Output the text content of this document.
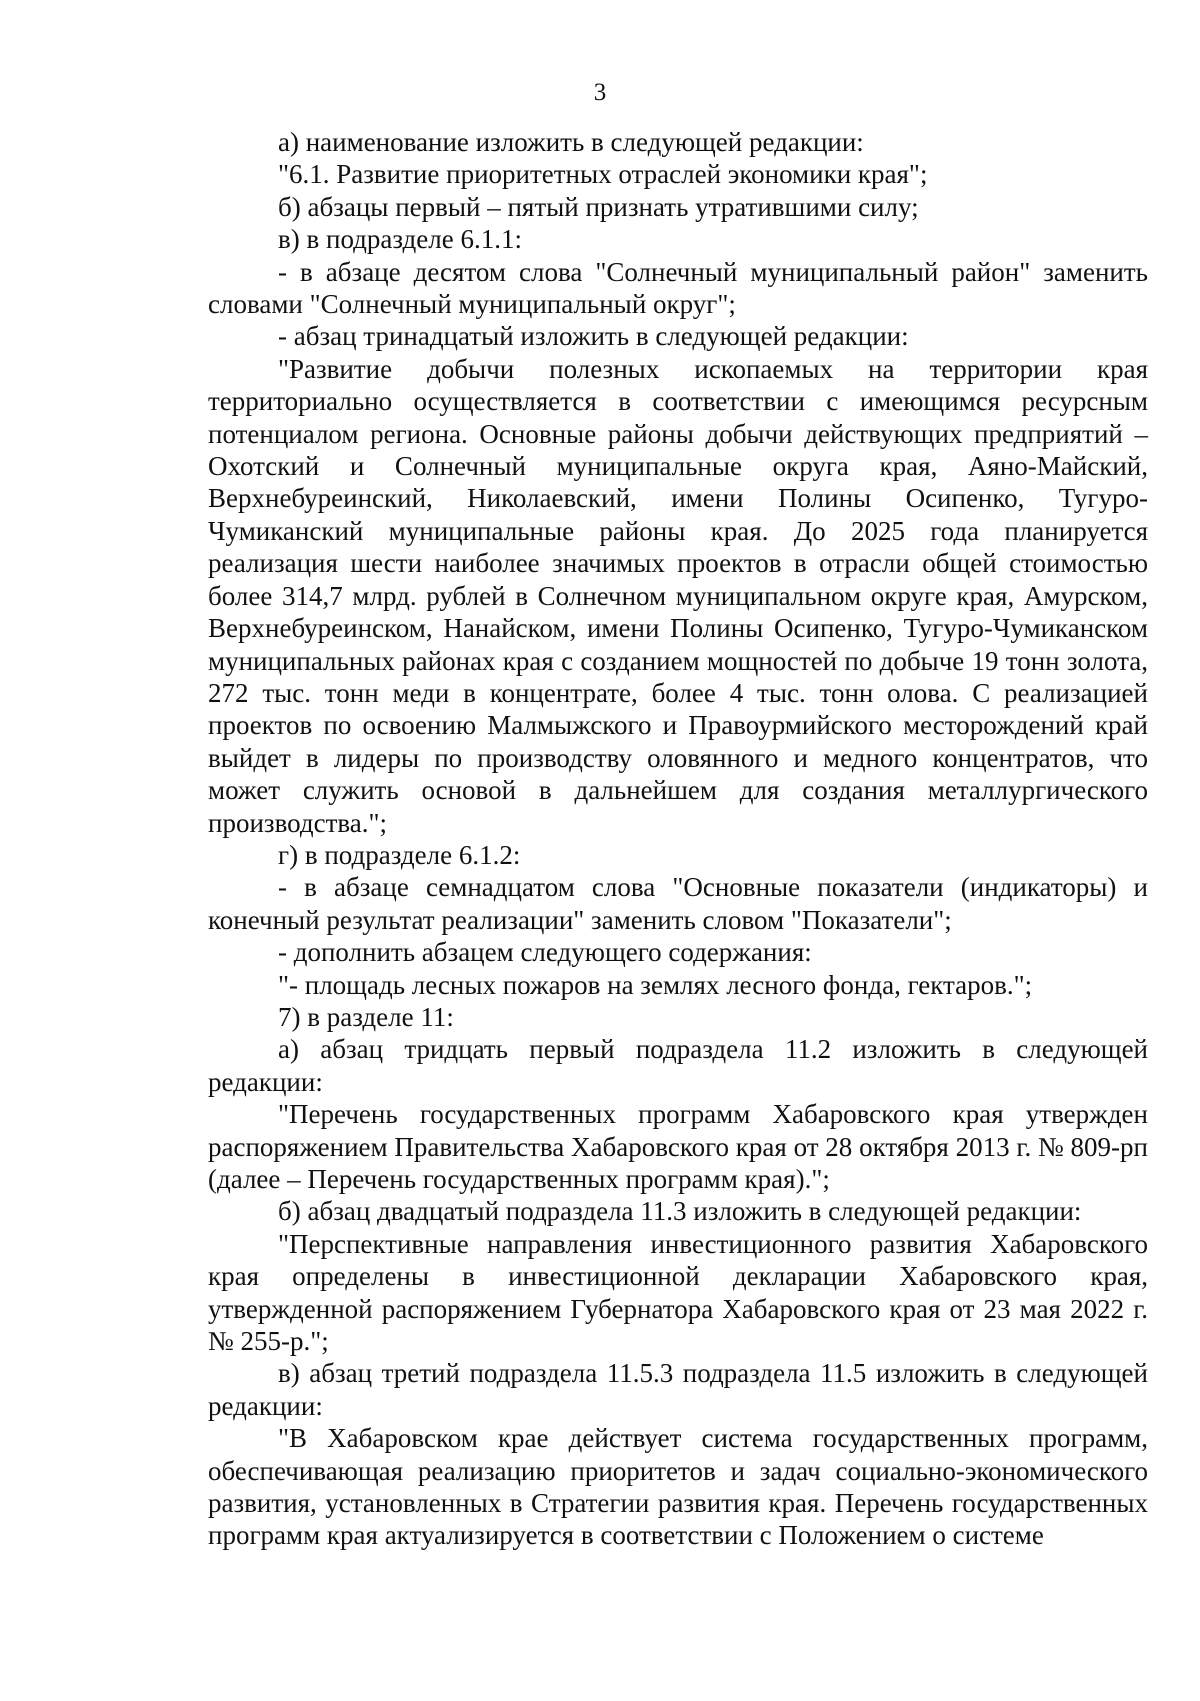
3

а) наименование изложить в следующей редакции:

"6.1. Развитие приоритетных отраслей экономики края";

б) абзацы первый – пятый признать утратившими силу;

в) в подразделе 6.1.1:

- в абзаце десятом слова "Солнечный муниципальный район" заменить словами "Солнечный муниципальный округ";

- абзац тринадцатый изложить в следующей редакции:

"Развитие добычи полезных ископаемых на территории края территориально осуществляется в соответствии с имеющимся ресурсным потенциалом региона. Основные районы добычи действующих предприятий – Охотский и Солнечный муниципальные округа края, Аяно-Майский, Верхнебуреинский, Николаевский, имени Полины Осипенко, Тугуро-Чумиканский муниципальные районы края. До 2025 года планируется реализация шести наиболее значимых проектов в отрасли общей стоимостью более 314,7 млрд. рублей в Солнечном муниципальном округе края, Амурском, Верхнебуреинском, Нанайском, имени Полины Осипенко, Тугуро-Чумиканском муниципальных районах края с созданием мощностей по добыче 19 тонн золота, 272 тыс. тонн меди в концентрате, более 4 тыс. тонн олова. С реализацией проектов по освоению Малмыжского и Правоурмийского месторождений край выйдет в лидеры по производству оловянного и медного концентратов, что может служить основой в дальнейшем для создания металлургического производства.";

г) в подразделе 6.1.2:

- в абзаце семнадцатом слова "Основные показатели (индикаторы) и конечный результат реализации" заменить словом "Показатели";

- дополнить абзацем следующего содержания:

"- площадь лесных пожаров на землях лесного фонда, гектаров.";

7) в разделе 11:

а) абзац тридцать первый подраздела 11.2 изложить в следующей редакции:

"Перечень государственных программ Хабаровского края утвержден распоряжением Правительства Хабаровского края от 28 октября 2013 г. № 809-рп (далее – Перечень государственных программ края).";

б) абзац двадцатый подраздела 11.3 изложить в следующей редакции:

"Перспективные направления инвестиционного развития Хабаровского края определены в инвестиционной декларации Хабаровского края, утвержденной распоряжением Губернатора Хабаровского края от 23 мая 2022 г. № 255-р.";

в) абзац третий подраздела 11.5.3 подраздела 11.5 изложить в следующей редакции:

"В Хабаровском крае действует система государственных программ, обеспечивающая реализацию приоритетов и задач социально-экономического развития, установленных в Стратегии развития края. Перечень государственных программ края актуализируется в соответствии с Положением о системе
